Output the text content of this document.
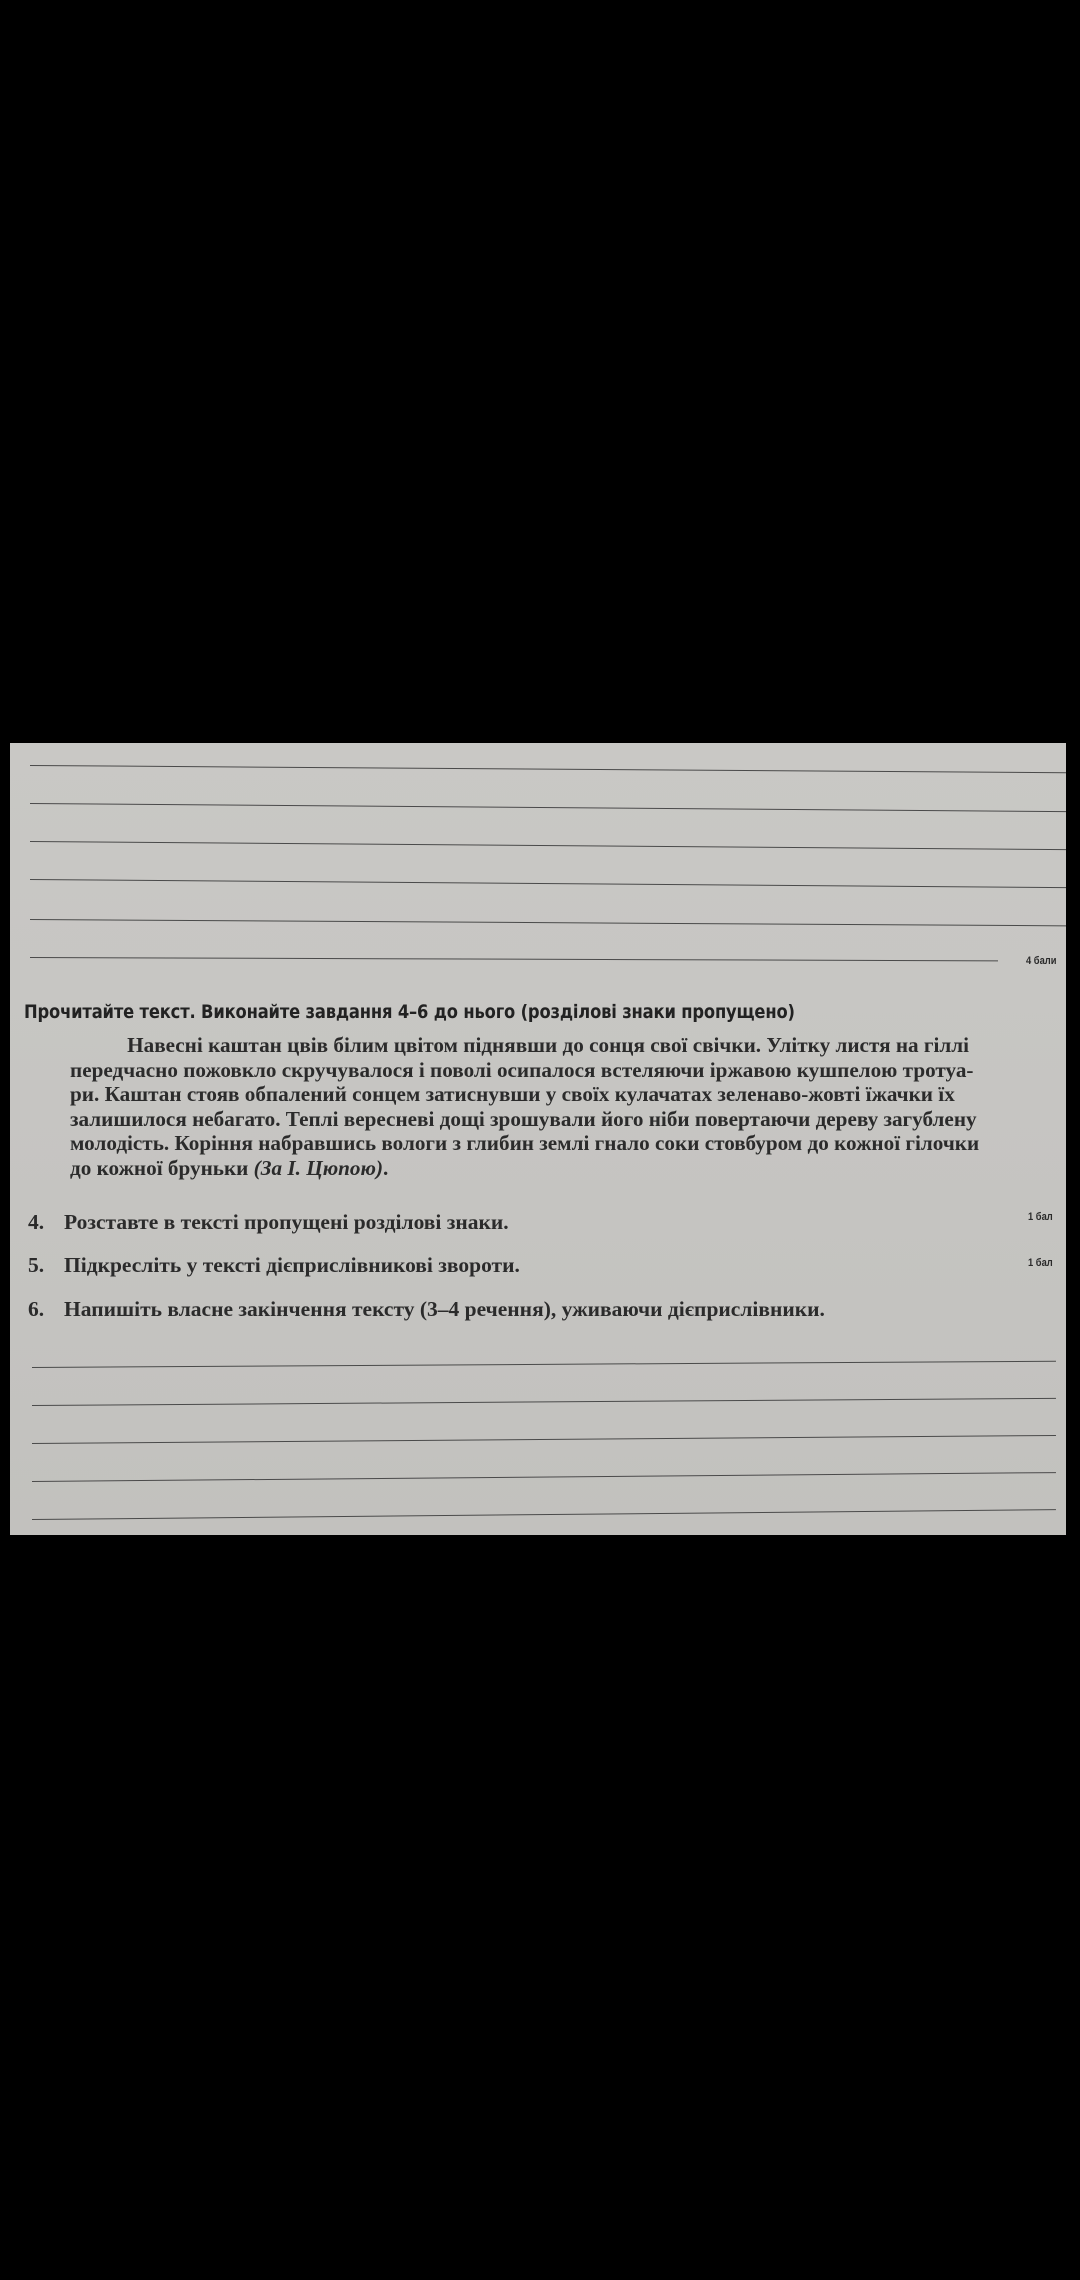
4 бали
Прочитайте текст. Виконайте завдання 4–6 до нього (розділові знаки пропущено)
Навесні каштан цвів білим цвітом піднявши до сонця свої свічки. Улітку листя на гіллі
передчасно пожовкло скручувалося і поволі осипалося встеляючи іржавою кушпелою тротуа-
ри. Каштан стояв обпалений сонцем затиснувши у своїх кулачатах зеленаво-жовті їжачки їх
залишилося небагато. Теплі вересневі дощі зрошували його ніби повертаючи дереву загублену
молодість. Коріння набравшись вологи з глибин землі гнало соки стовбуром до кожної гілочки
до кожної бруньки (За І. Цюпою).
4. Розставте в тексті пропущені розділові знаки.	1 бал
5. Підкресліть у тексті дієприслівникові звороти.	1 бал
6. Напишіть власне закінчення тексту (3–4 речення), уживаючи дієприслівники.
